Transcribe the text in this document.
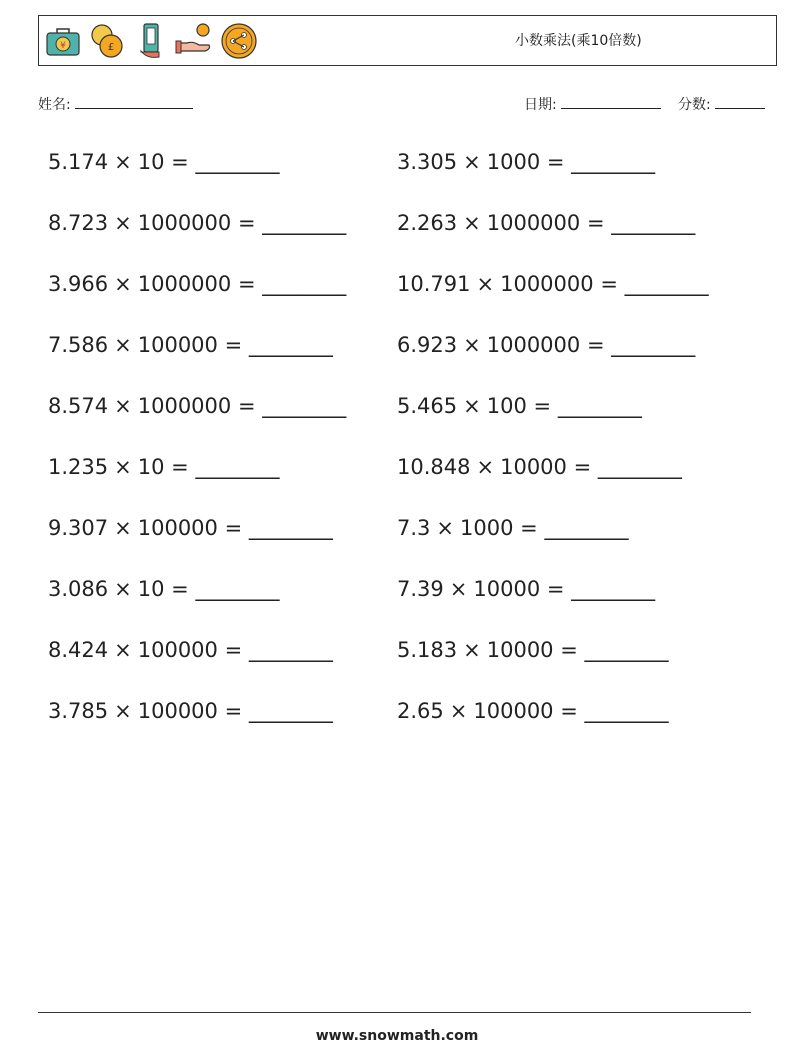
¥	£	小数乘法(乘10倍数)
姓名:	日期:	分数:
5.174 × 10 = ________
8.723 × 1000000 = ________
3.966 × 1000000 = ________
7.586 × 100000 = ________
8.574 × 1000000 = ________
1.235 × 10 = ________
9.307 × 100000 = ________
3.086 × 10 = ________
8.424 × 100000 = ________
3.785 × 100000 = ________
3.305 × 1000 = ________
2.263 × 1000000 = ________
10.791 × 1000000 = ________
6.923 × 1000000 = ________
5.465 × 100 = ________
10.848 × 10000 = ________
7.3 × 1000 = ________
7.39 × 10000 = ________
5.183 × 10000 = ________
2.65 × 100000 = ________
www.snowmath.com
